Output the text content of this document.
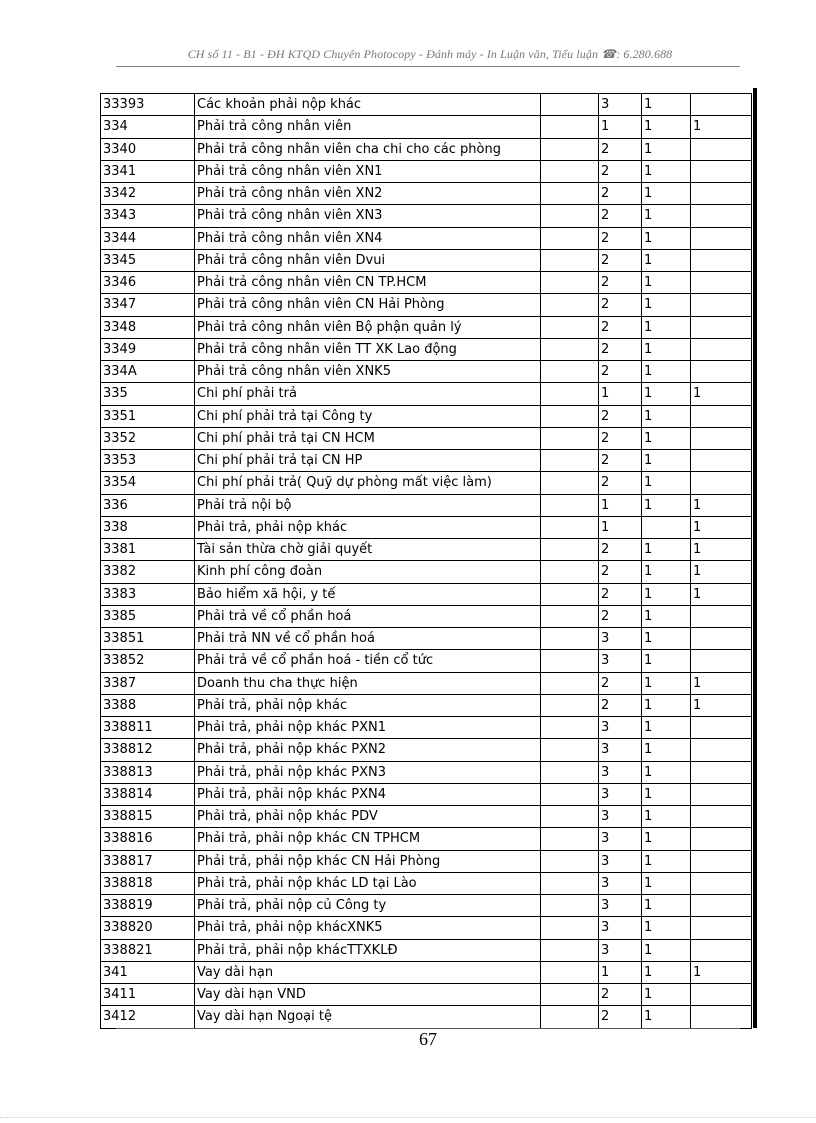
CH số 11 - B1 - ĐH KTQD Chuyên Photocopy - Đánh máy - In Luận văn, Tiểu luận ☎: 6.280.688
33393	Các khoản phải nộp khác		3	1	
334	Phải trả công nhân viên		1	1	1
3340	Phải trả công nhân viên cha chi cho các phòng		2	1	
3341	Phải trả công nhân viên XN1		2	1	
3342	Phải trả công nhân viên XN2		2	1	
3343	Phải trả công nhân viên XN3		2	1	
3344	Phải trả công nhân viên XN4		2	1	
3345	Phải trả công nhân viên Dvui		2	1	
3346	Phải trả công nhân viên CN TP.HCM		2	1	
3347	Phải trả công nhân viên CN Hải Phòng		2	1	
3348	Phải trả công nhân viên Bộ phận quản lý		2	1	
3349	Phải trả công nhân viên TT XK Lao động		2	1	
334A	Phải trả công nhân viên XNK5		2	1	
335	Chi phí phải trả		1	1	1
3351	Chi phí phải trả tại Công ty		2	1	
3352	Chi phí phải trả tại CN HCM		2	1	
3353	Chi phí phải trả tại CN HP		2	1	
3354	Chi phí phải trả( Quỹ dự phòng mất việc làm)		2	1	
336	Phải trả nội bộ		1	1	1
338	Phải trả, phải nộp khác		1		1
3381	Tài sản thừa chờ giải quyết		2	1	1
3382	Kinh phí công đoàn		2	1	1
3383	Bảo hiểm xã hội, y tế		2	1	1
3385	Phải trả về cổ phần hoá		2	1	
33851	Phải trả NN về cổ phần hoá		3	1	
33852	Phải trả về cổ phần hoá - tiền cổ tức		3	1	
3387	Doanh thu cha thực hiện		2	1	1
3388	Phải trả, phải nộp khác		2	1	1
338811	Phải trả, phải nộp khác PXN1		3	1	
338812	Phải trả, phải nộp khác PXN2		3	1	
338813	Phải trả, phải nộp khác PXN3		3	1	
338814	Phải trả, phải nộp khác PXN4		3	1	
338815	Phải trả, phải nộp khác PDV		3	1	
338816	Phải trả, phải nộp khác CN TPHCM		3	1	
338817	Phải trả, phải nộp khác CN Hải Phòng		3	1	
338818	Phải trả, phải nộp khác LD tại Lào		3	1	
338819	Phải trả, phải nộp củ Công ty		3	1	
338820	Phải trả, phải nộp khácXNK5		3	1	
338821	Phải trả, phải nộp khácTTXKLĐ		3	1	
341	Vay dài hạn		1	1	1
3411	Vay dài hạn VND		2	1	
3412	Vay dài hạn Ngoại tệ		2	1	
67
